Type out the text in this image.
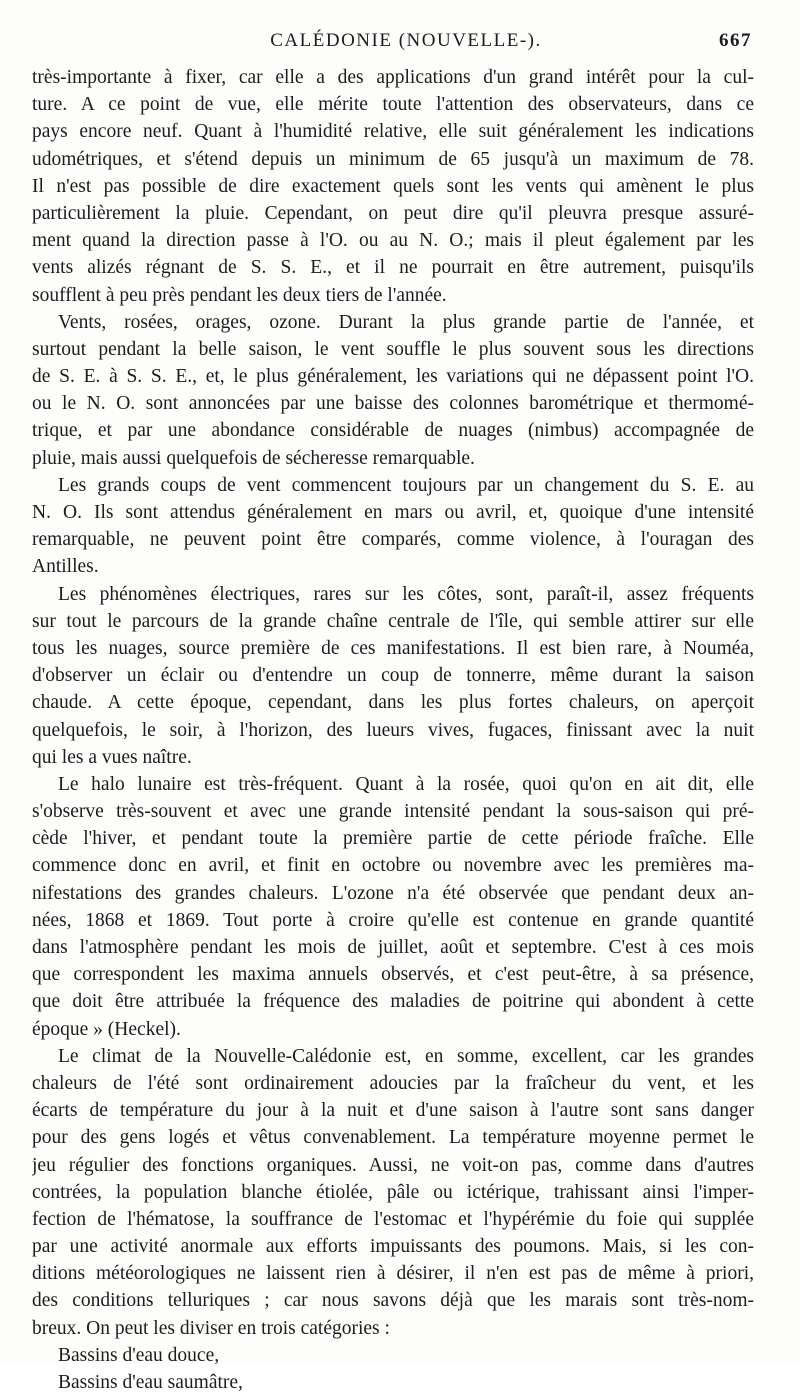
CALÉDONIE (NOUVELLE-).	667
très-importante à fixer, car elle a des applications d'un grand intérêt pour la cul-
ture. A ce point de vue, elle mérite toute l'attention des observateurs, dans ce
pays encore neuf. Quant à l'humidité relative, elle suit généralement les indications
udométriques, et s'étend depuis un minimum de 65 jusqu'à un maximum de 78.
Il n'est pas possible de dire exactement quels sont les vents qui amènent le plus
particulièrement la pluie. Cependant, on peut dire qu'il pleuvra presque assuré-
ment quand la direction passe à l'O. ou au N. O.; mais il pleut également par les
vents alizés régnant de S. S. E., et il ne pourrait en être autrement, puisqu'ils
soufflent à peu près pendant les deux tiers de l'année.
Vents, rosées, orages, ozone. Durant la plus grande partie de l'année, et
surtout pendant la belle saison, le vent souffle le plus souvent sous les directions
de S. E. à S. S. E., et, le plus généralement, les variations qui ne dépassent point l'O.
ou le N. O. sont annoncées par une baisse des colonnes barométrique et thermomé-
trique, et par une abondance considérable de nuages (nimbus) accompagnée de
pluie, mais aussi quelquefois de sécheresse remarquable.
Les grands coups de vent commencent toujours par un changement du S. E. au
N. O. Ils sont attendus généralement en mars ou avril, et, quoique d'une intensité
remarquable, ne peuvent point être comparés, comme violence, à l'ouragan des
Antilles.
Les phénomènes électriques, rares sur les côtes, sont, paraît-il, assez fréquents
sur tout le parcours de la grande chaîne centrale de l'île, qui semble attirer sur elle
tous les nuages, source première de ces manifestations. Il est bien rare, à Nouméa,
d'observer un éclair ou d'entendre un coup de tonnerre, même durant la saison
chaude. A cette époque, cependant, dans les plus fortes chaleurs, on aperçoit
quelquefois, le soir, à l'horizon, des lueurs vives, fugaces, finissant avec la nuit
qui les a vues naître.
Le halo lunaire est très-fréquent. Quant à la rosée, quoi qu'on en ait dit, elle
s'observe très-souvent et avec une grande intensité pendant la sous-saison qui pré-
cède l'hiver, et pendant toute la première partie de cette période fraîche. Elle
commence donc en avril, et finit en octobre ou novembre avec les premières ma-
nifestations des grandes chaleurs. L'ozone n'a été observée que pendant deux an-
nées, 1868 et 1869. Tout porte à croire qu'elle est contenue en grande quantité
dans l'atmosphère pendant les mois de juillet, août et septembre. C'est à ces mois
que correspondent les maxima annuels observés, et c'est peut-être, à sa présence,
que doit être attribuée la fréquence des maladies de poitrine qui abondent à cette
époque » (Heckel).
Le climat de la Nouvelle-Calédonie est, en somme, excellent, car les grandes
chaleurs de l'été sont ordinairement adoucies par la fraîcheur du vent, et les
écarts de température du jour à la nuit et d'une saison à l'autre sont sans danger
pour des gens logés et vêtus convenablement. La température moyenne permet le
jeu régulier des fonctions organiques. Aussi, ne voit-on pas, comme dans d'autres
contrées, la population blanche étiolée, pâle ou ictérique, trahissant ainsi l'imper-
fection de l'hématose, la souffrance de l'estomac et l'hypérémie du foie qui supplée
par une activité anormale aux efforts impuissants des poumons. Mais, si les con-
ditions météorologiques ne laissent rien à désirer, il n'en est pas de même à priori,
des conditions telluriques ; car nous savons déjà que les marais sont très-nom-
breux. On peut les diviser en trois catégories :
Bassins d'eau douce,
Bassins d'eau saumâtre,
